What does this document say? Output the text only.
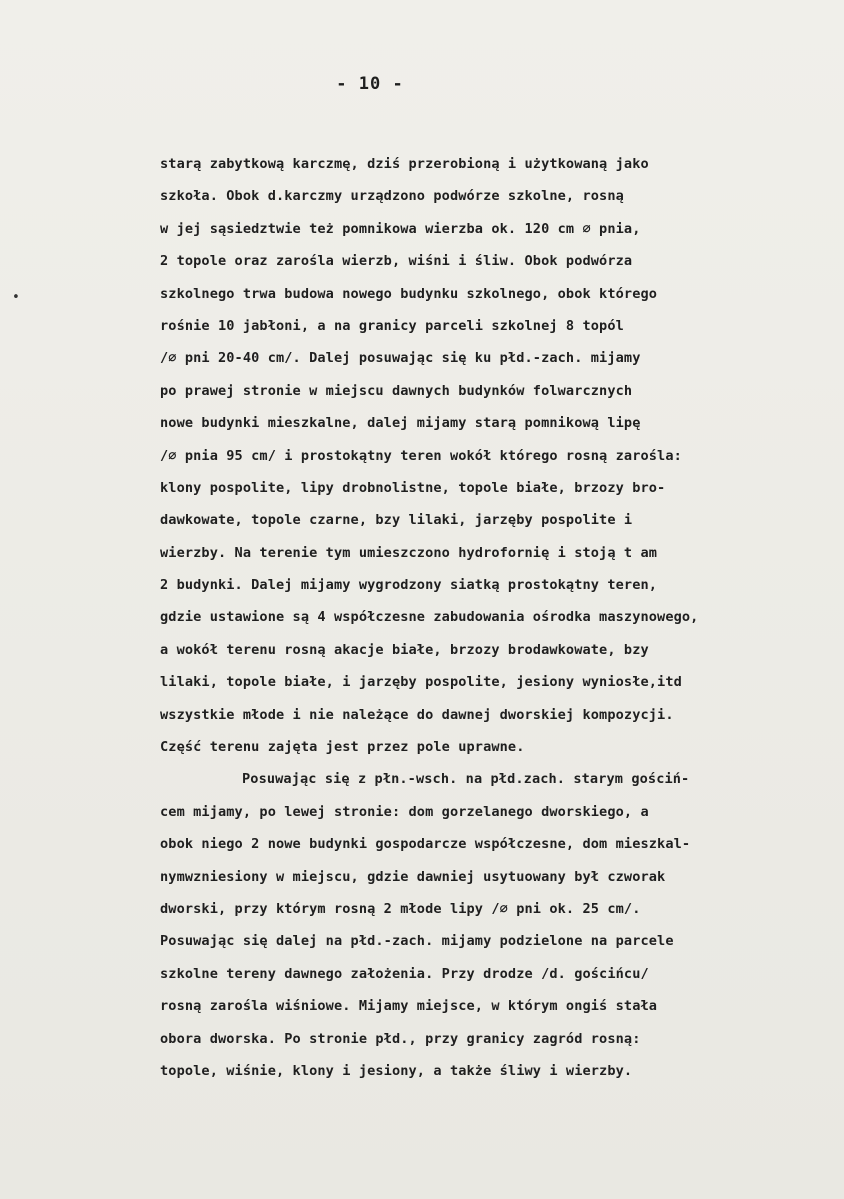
- 10 -
•
starą zabytkową karczmę, dziś przerobioną i użytkowaną jako
szkoła. Obok d.karczmy urządzono podwórze szkolne, rosną
w jej sąsiedztwie też pomnikowa wierzba ok. 120 cm ∅ pnia,
2 topole oraz zarośla wierzb, wiśni i śliw. Obok podwórza
szkolnego trwa budowa nowego budynku szkolnego, obok którego
rośnie 10 jabłoni, a na granicy parceli szkolnej 8 topól
/∅ pni 20-40 cm/. Dalej posuwając się ku płd.-zach. mijamy
po prawej stronie w miejscu dawnych budynków folwarcznych
nowe budynki mieszkalne, dalej mijamy starą pomnikową lipę
/∅ pnia 95 cm/ i prostokątny teren wokół którego rosną zarośla:
klony pospolite, lipy drobnolistne, topole białe, brzozy bro-
dawkowate, topole czarne, bzy lilaki, jarzęby pospolite i
wierzby. Na terenie tym umieszczono hydrofornię i stoją t am
2 budynki. Dalej mijamy wygrodzony siatką prostokątny teren,
gdzie ustawione są 4 współczesne zabudowania ośrodka maszynowego,
a wokół terenu rosną akacje białe, brzozy brodawkowate, bzy
lilaki, topole białe, i jarzęby pospolite, jesiony wyniosłe,itd
wszystkie młode i nie należące do dawnej dworskiej kompozycji.
Część terenu zajęta jest przez pole uprawne.
Posuwając się z płn.-wsch. na płd.zach. starym gościń-
cem mijamy, po lewej stronie: dom gorzelanego dworskiego, a
obok niego 2 nowe budynki gospodarcze współczesne, dom mieszkal-
nymwzniesiony w miejscu, gdzie dawniej usytuowany był czworak
dworski, przy którym rosną 2 młode lipy /∅ pni ok. 25 cm/.
Posuwając się dalej na płd.-zach. mijamy podzielone na parcele
szkolne tereny dawnego założenia. Przy drodze /d. gościńcu/
rosną zarośla wiśniowe. Mijamy miejsce, w którym ongiś stała
obora dworska. Po stronie płd., przy granicy zagród rosną:
topole, wiśnie, klony i jesiony, a także śliwy i wierzby.
